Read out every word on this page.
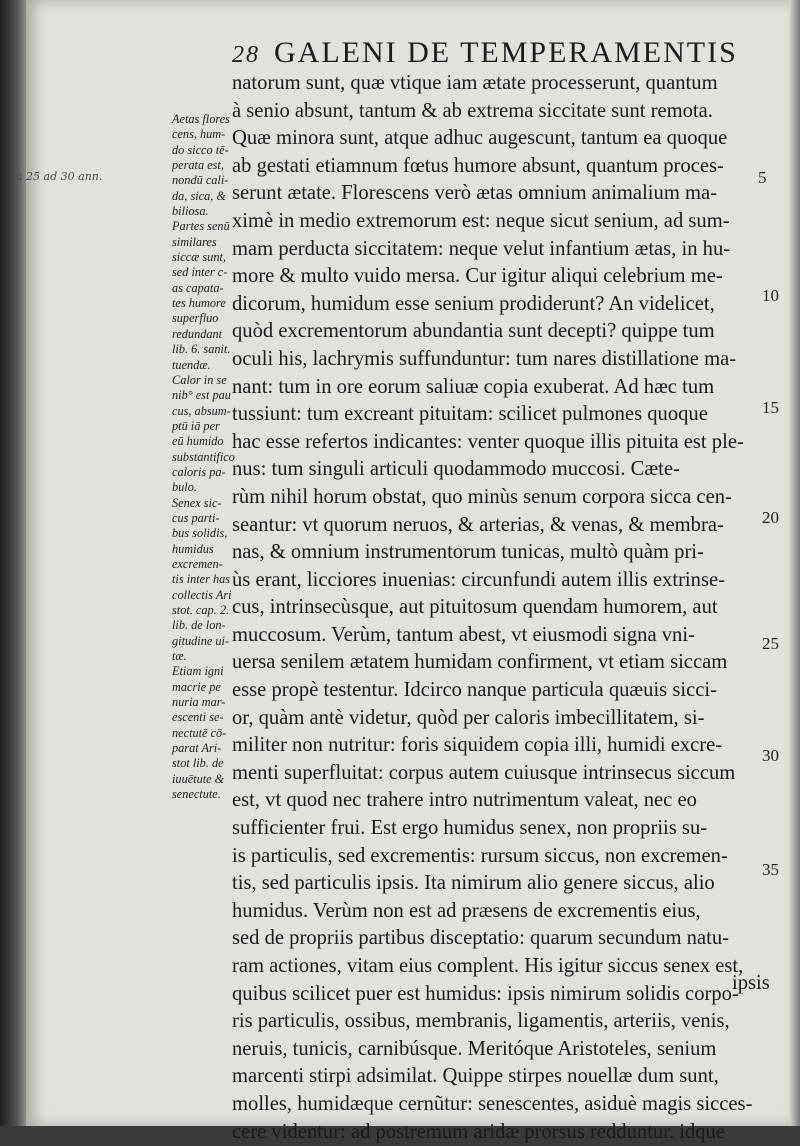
28 GALENI DE TEMPERAMENTIS
natorum sunt, quæ vtique iam ætate processerunt, quantum
à senio absunt, tantum & ab extrema siccitate sunt remota.
Quæ minora sunt, atque adhuc augescunt, tantum ea quoque
ab gestati etiamnum fœtus humore absunt, quantum proces-
serunt ætate. Florescens verò ætas omnium animalium ma-
ximè in medio extremorum est: neque sicut senium, ad sum-
mam perducta siccitatem: neque velut infantium ætas, in hu-
more & multo vuido mersa. Cur igitur aliqui celebrium me-
dicorum, humidum esse senium prodiderunt? An videlicet,
quòd excrementorum abundantia sunt decepti? quippe tum
oculi his, lachrymis suffunduntur: tum nares distillatione ma-
nant: tum in ore eorum saliuæ copia exuberat. Ad hæc tum
tussiunt: tum excreant pituitam: scilicet pulmones quoque
hac esse refertos indicantes: venter quoque illis pituita est ple-
nus: tum singuli articuli quodammodo muccosi. Cæte-
rùm nihil horum obstat, quo minùs senum corpora sicca cen-
seantur: vt quorum neruos, & arterias, & venas, & membra-
nas, & omnium instrumentorum tunicas, multò quàm pri-
ùs erant, licciores inuenias: circunfundi autem illis extrinse-
cus, intrinsecùsque, aut pituitosum quendam humorem, aut
muccosum. Verùm, tantum abest, vt eiusmodi signa vni-
uersa senilem ætatem humidam confirment, vt etiam siccam
esse propè testentur. Idcirco nanque particula quæuis sicci-
or, quàm antè videtur, quòd per caloris imbecillitatem, si-
militer non nutritur: foris siquidem copia illi, humidi excre-
menti superfluitat: corpus autem cuiusque intrinsecus siccum
est, vt quod nec trahere intro nutrimentum valeat, nec eo
sufficienter frui. Est ergo humidus senex, non propriis su-
is particulis, sed excrementis: rursum siccus, non excremen-
tis, sed particulis ipsis. Ita nimirum alio genere siccus, alio
humidus. Verùm non est ad præsens de excrementis eius,
sed de propriis partibus disceptatio: quarum secundum natu-
ram actiones, vitam eius complent. His igitur siccus senex est,
quibus scilicet puer est humidus: ipsis nimirum solidis corpo-
ris particulis, ossibus, membranis, ligamentis, arteriis, venis,
neruis, tunicis, carnibúsque. Meritóque Aristoteles, senium
marcenti stirpi adsimilat. Quippe stirpes nouellæ dum sunt,
molles, humidæque cernũtur: senescentes, asiduè magis sicces-
cere videntur: ad postremum aridæ prorsus redduntur. idque
Aetas flores
cens, hum-
do sicco tē-
perata est,
nondū cali-
da, sica, &
biliosa.
Partes senū
similares
siccæ sunt,
sed inter c-
as capata-
tes humore
superfluo
redundant
lib. 6. sanit.
tuendæ.
Calor in se
nib° est pau
cus, absum-
ptū iā per
eū humido
substantifico
caloris pa-
bulo.
Senex sic-
cus parti-
bus solidis,
humidus
excremen-
tis inter has
collectis Ari
stot. cap. 2.
lib. de lon-
gitudine ui-
tæ.
Etiam igni
macrie pe
nuria mar-
escenti se-
nectutē cō-
parat Ari-
stot lib. de
iuuētute &
senectute.
a 25 ad 30 ann.	5
10
15
20
25
30
35
ipsis
